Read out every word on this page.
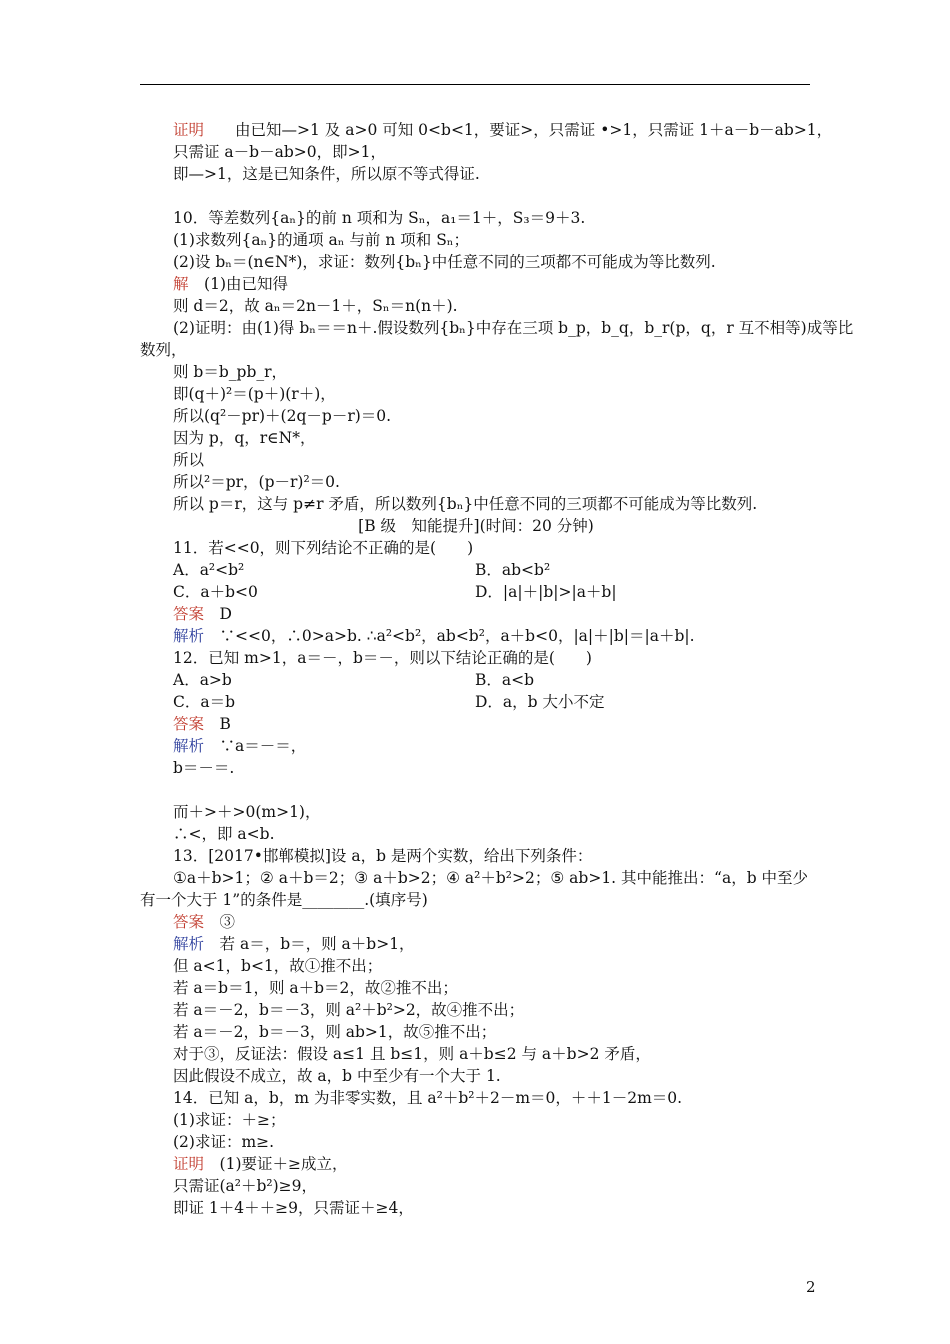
证明　　 由已知—>1 及 a>0 可知 0<b<1，要证>，只需证 •>1，只需证 1＋a－b－ab>1，
只需证 a－b－ab>0，即>1，
即—>1，这是已知条件，所以原不等式得证.
10．等差数列{aₙ}的前 n 项和为 Sₙ，a₁＝1＋，S₃＝9＋3.
(1)求数列{aₙ}的通项 aₙ 与前 n 项和 Sₙ；
(2)设 bₙ＝(n∈N*)，求证：数列{bₙ}中任意不同的三项都不可能成为等比数列.
解　 (1)由已知得
则 d＝2，故 aₙ＝2n－1＋，Sₙ＝n(n＋).
(2)证明：由(1)得 bₙ＝＝n＋.假设数列{bₙ}中存在三项 b_p，b_q，b_r(p，q，r 互不相等)成等比
数列，
则 b＝b_pb_r，
即(q＋)²＝(p＋)(r＋)，
所以(q²－pr)＋(2q－p－r)＝0.
因为 p，q，r∈N*，
所以
所以²＝pr，(p－r)²＝0.
所以 p＝r，这与 p≠r 矛盾，所以数列{bₙ}中任意不同的三项都不可能成为等比数列.
[B 级　知能提升](时间：20 分钟)
11．若<<0，则下列结论不正确的是(　　)
A．a²<b²	B．ab<b²
C．a＋b<0	D．|a|＋|b|>|a＋b|
答案　 D
解析　 ∵<<0，∴0>a>b. ∴a²<b²，ab<b²，a＋b<0，|a|＋|b|＝|a＋b|.
12．已知 m>1，a＝－，b＝－，则以下结论正确的是(　　)
A．a>b	B．a<b
C．a＝b	D．a，b 大小不定
答案　 B
解析　 ∵a＝－＝，
b＝－＝.
而＋>＋>0(m>1)，
∴<，即 a<b.
13．[2017•邯郸模拟]设 a，b 是两个实数，给出下列条件：
①a＋b>1；② a＋b＝2；③ a＋b>2；④ a²＋b²>2；⑤ ab>1. 其中能推出：“a，b 中至少
有一个大于 1”的条件是________.(填序号)
答案　 ③
解析　 若 a＝，b＝，则 a＋b>1，
但 a<1，b<1，故①推不出；
若 a＝b＝1，则 a＋b＝2，故②推不出；
若 a＝－2，b＝－3，则 a²＋b²>2，故④推不出；
若 a＝－2，b＝－3，则 ab>1，故⑤推不出；
对于③，反证法：假设 a≤1 且 b≤1，则 a＋b≤2 与 a＋b>2 矛盾，
因此假设不成立，故 a，b 中至少有一个大于 1.
14．已知 a，b，m 为非零实数，且 a²＋b²＋2－m＝0，＋＋1－2m＝0.
(1)求证：＋≥；
(2)求证：m≥.
证明　 (1)要证＋≥成立，
只需证(a²＋b²)≥9，
即证 1＋4＋＋≥9，只需证＋≥4，
2
